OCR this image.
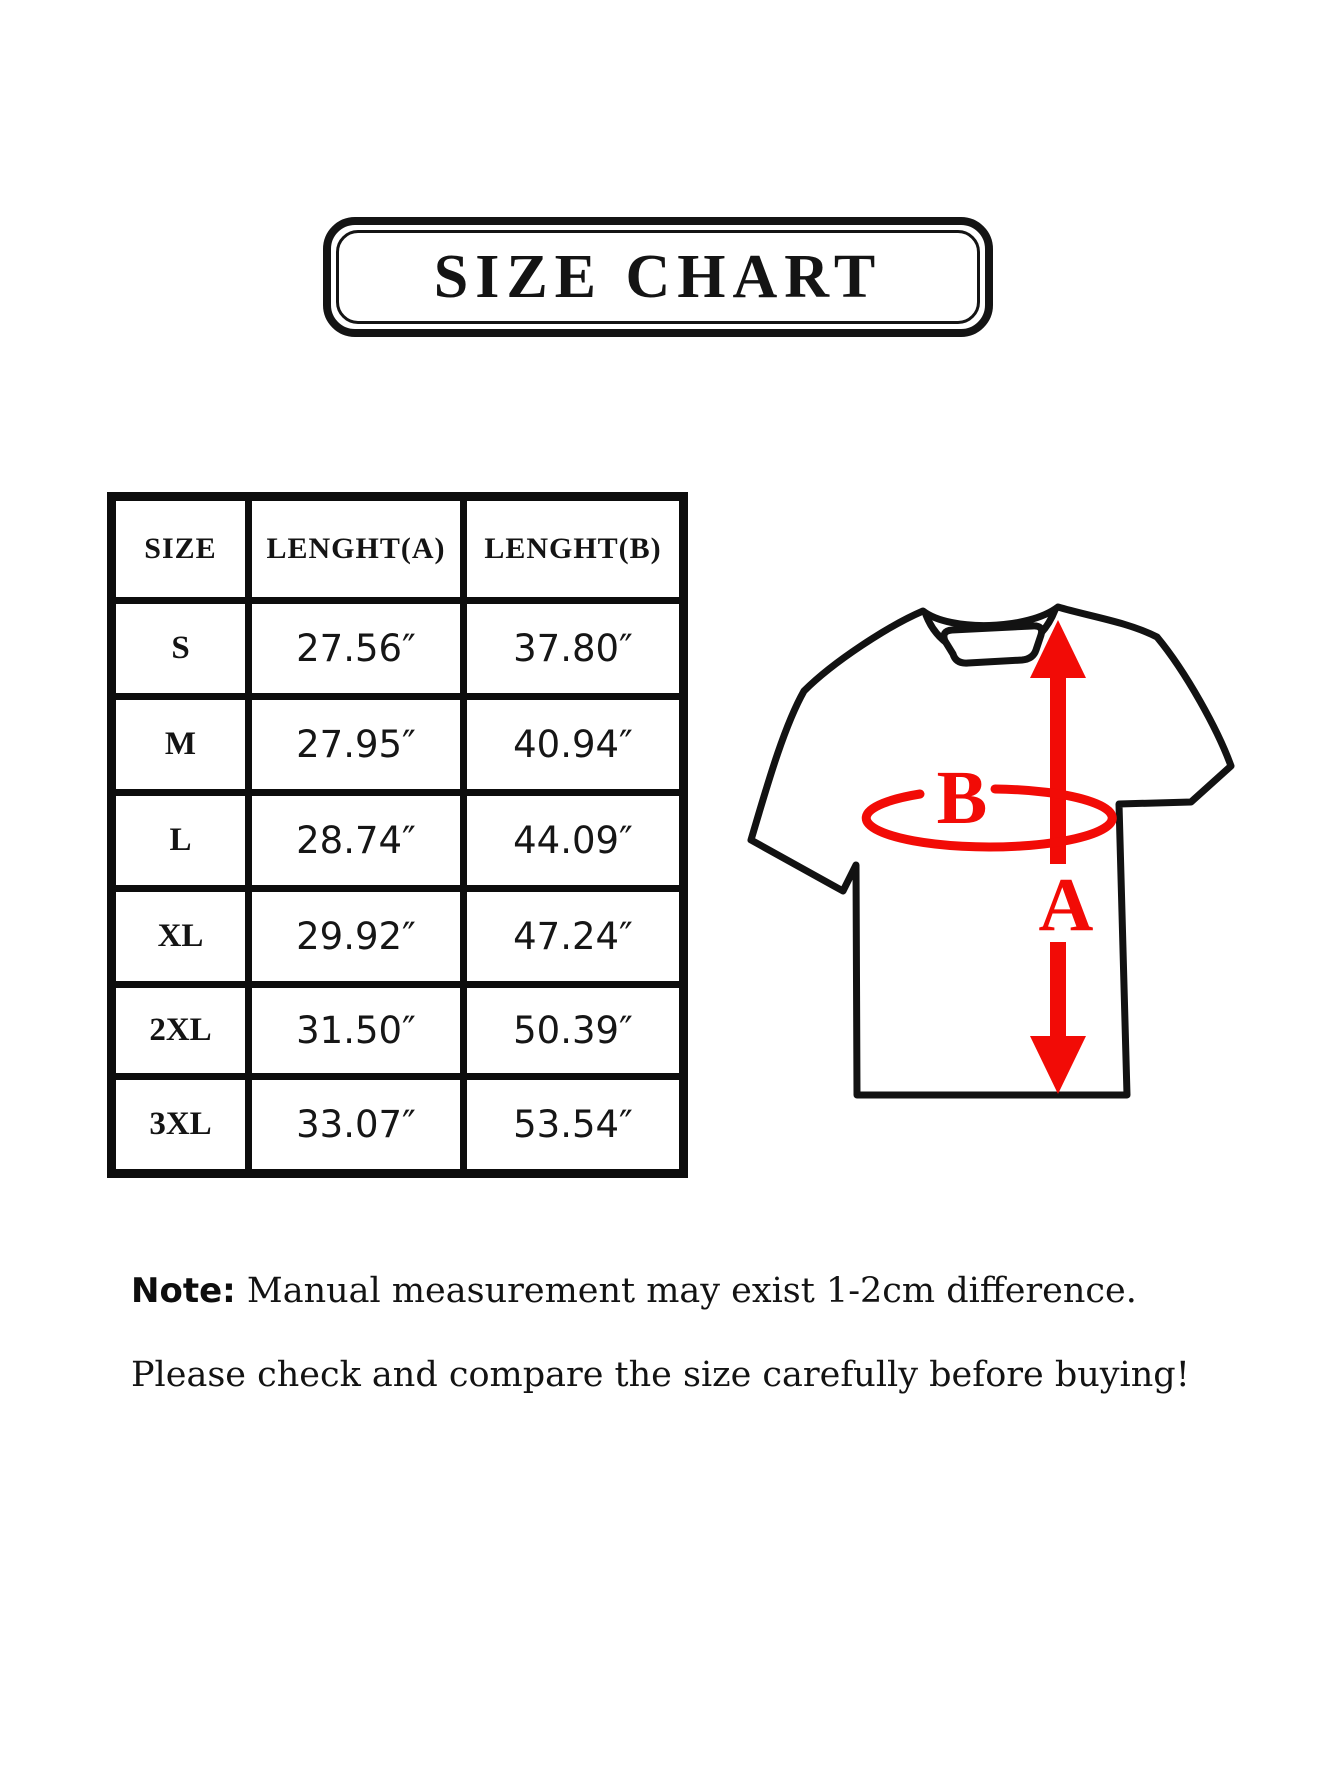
SIZE CHART
SIZE	LENGHT(A)	LENGHT(B)
S	27.56″	37.80″
M	27.95″	40.94″
L	28.74″	44.09″
XL	29.92″	47.24″
2XL	31.50″	50.39″
3XL	33.07″	53.54″
A
B

Note: Manual measurement may exist 1-2cm difference.

Please check and compare the size carefully before buying!
